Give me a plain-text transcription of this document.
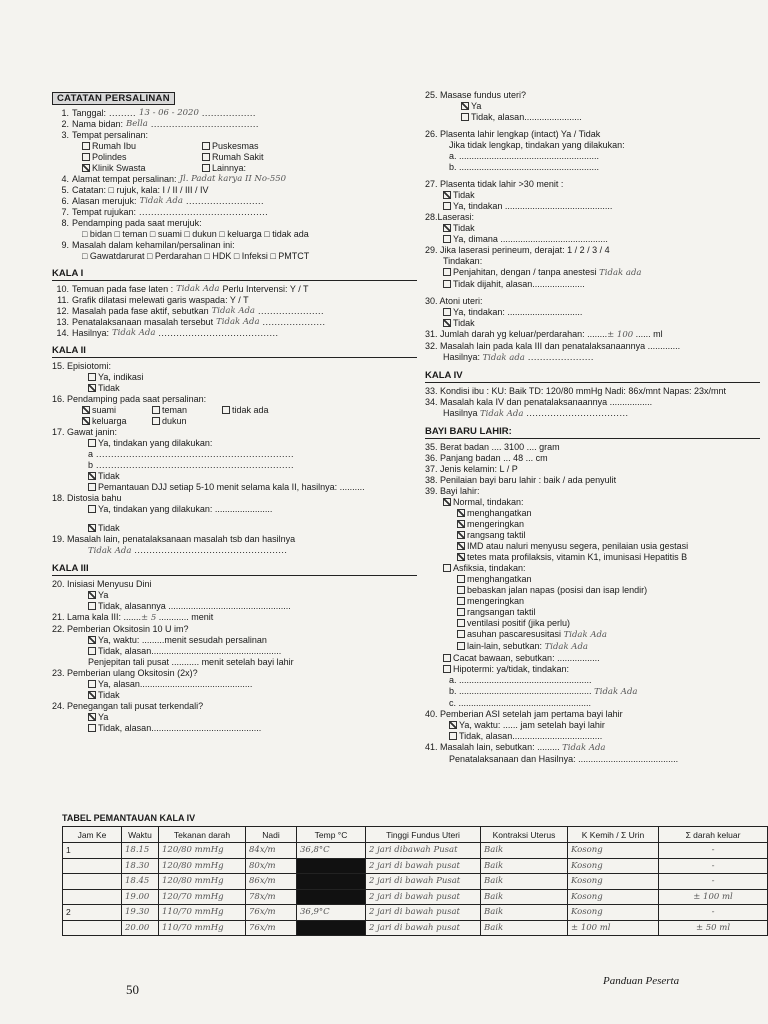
CATATAN PERSALINAN
1. Tanggal: ......... 13 - 06 - 2020 ..................
2. Nama bidan: Bella ....................................
3. Tempat persalinan:
Rumah Ibu	Puskesmas
Polindes	Rumah Sakit
Klinik Swasta	Lainnya:
4. Alamat tempat persalinan: Jl. Padat karya II No-550
5. Catatan: □ rujuk, kala: I / II / III / IV
6. Alasan merujuk: Tidak Ada ..........................
7. Tempat rujukan: ...........................................
8. Pendamping pada saat merujuk:
□ bidan □ teman □ suami □ dukun □ keluarga □ tidak ada
9. Masalah dalam kehamilan/persalinan ini:
□ Gawatdarurat □ Perdarahan □ HDK □ Infeksi □ PMTCT
KALA I
10. Temuan pada fase laten : Tidak Ada Perlu Intervensi: Y / T
11. Grafik dilatasi melewati garis waspada: Y / T
12. Masalah pada fase aktif, sebutkan Tidak Ada ......................
13. Penatalaksanaan masalah tersebut Tidak Ada .....................
14. Hasilnya: Tidak Ada ........................................
KALA II
15. Episiotomi:
Ya, indikasi
Tidak
16. Pendamping pada saat persalinan:
suami	teman	tidak ada
keluarga	dukun
17. Gawat janin:
Ya, tindakan yang dilakukan:
a ..................................................................
b ..................................................................
Tidak
Pemantauan DJJ setiap 5-10 menit selama kala II, hasilnya: ..........
18. Distosia bahu
Ya, tindakan yang dilakukan: .......................
Tidak
19. Masalah lain, penatalaksanaan masalah tsb dan hasilnya
Tidak Ada ...................................................
KALA III
20. Inisiasi Menyusu Dini
Ya
Tidak, alasannya .................................................
21. Lama kala III: .......± 5 ............ menit
22. Pemberian Oksitosin 10 U im?
Ya, waktu: .........menit sesudah persalinan
Tidak, alasan....................................................
Penjepitan tali pusat ........... menit setelah bayi lahir
23. Pemberian ulang Oksitosin (2x)?
Ya, alasan.............................................
Tidak
24. Penegangan tali pusat terkendali?
Ya
Tidak, alasan............................................
25. Masase fundus uteri?
Ya
Tidak, alasan.......................
26. Plasenta lahir lengkap (intact) Ya / Tidak
Jika tidak lengkap, tindakan yang dilakukan:
a. ........................................................
b. ........................................................
27. Plasenta tidak lahir >30 menit :
Tidak
Ya, tindakan ...........................................
28.Laserasi:
Tidak
Ya, dimana ...........................................
29. Jika laserasi perineum, derajat: 1 / 2 / 3 / 4
Tindakan:
Penjahitan, dengan / tanpa anestesi Tidak ada
Tidak dijahit, alasan.....................
30. Atoni uteri:
Ya, tindakan: ..............................
Tidak
31. Jumlah darah yg keluar/perdarahan: ........± 100 ...... ml
32. Masalah lain pada kala III dan penatalaksanaannya .............
Hasilnya: Tidak ada ......................
KALA IV
33. Kondisi ibu : KU: Baik TD: 120/80 mmHg Nadi: 86x/mnt Napas: 23x/mnt
34. Masalah kala IV dan penatalaksanaannya .................
Hasilnya Tidak Ada ..................................
BAYI BARU LAHIR:
35. Berat badan .... 3100 .... gram
36. Panjang badan ... 48 ... cm
37. Jenis kelamin: L / P
38. Penilaian bayi baru lahir : baik / ada penyulit
39. Bayi lahir:
Normal, tindakan:
menghangatkan
mengeringkan
rangsang taktil
IMD atau naluri menyusu segera, penilaian usia gestasi
tetes mata profilaksis, vitamin K1, imunisasi Hepatitis B
Asfiksia, tindakan:
menghangatkan
bebaskan jalan napas (posisi dan isap lendir)
mengeringkan
rangsangan taktil
ventilasi positif (jika perlu)
asuhan pascaresusitasi Tidak Ada
lain-lain, sebutkan: Tidak Ada
Cacat bawaan, sebutkan: .................
Hipotermi: ya/tidak, tindakan:
a. .....................................................
b. ..................................................... Tidak Ada
c. .....................................................
40. Pemberian ASI setelah jam pertama bayi lahir
Ya, waktu: ...... jam setelah bayi lahir
Tidak, alasan....................................
41. Masalah lain, sebutkan: ......... Tidak Ada
Penatalaksanaan dan Hasilnya: ........................................
TABEL PEMANTAUAN KALA IV
Jam Ke	Waktu	Tekanan darah	Nadi	Temp °C	Tinggi Fundus Uteri	Kontraksi Uterus	K Kemih / Σ Urin	Σ darah keluar
1	18.15	120/80 mmHg	84x/m	36,8°C	2 jari dibawah Pusat	Baik	Kosong	-
	18.30	120/80 mmHg	80x/m		2 jari di bawah pusat	Baik	Kosong	-
	18.45	120/80 mmHg	86x/m		2 jari di bawah Pusat	Baik	Kosong	-
	19.00	120/70 mmHg	78x/m		2 jari di bawah pusat	Baik	Kosong	± 100 ml
2	19.30	110/70 mmHg	76x/m	36,9°C	2 jari di bawah pusat	Baik	Kosong	-
	20.00	110/70 mmHg	76x/m		2 jari di bawah pusat	Baik	± 100 ml	± 50 ml
50
Panduan Peserta
